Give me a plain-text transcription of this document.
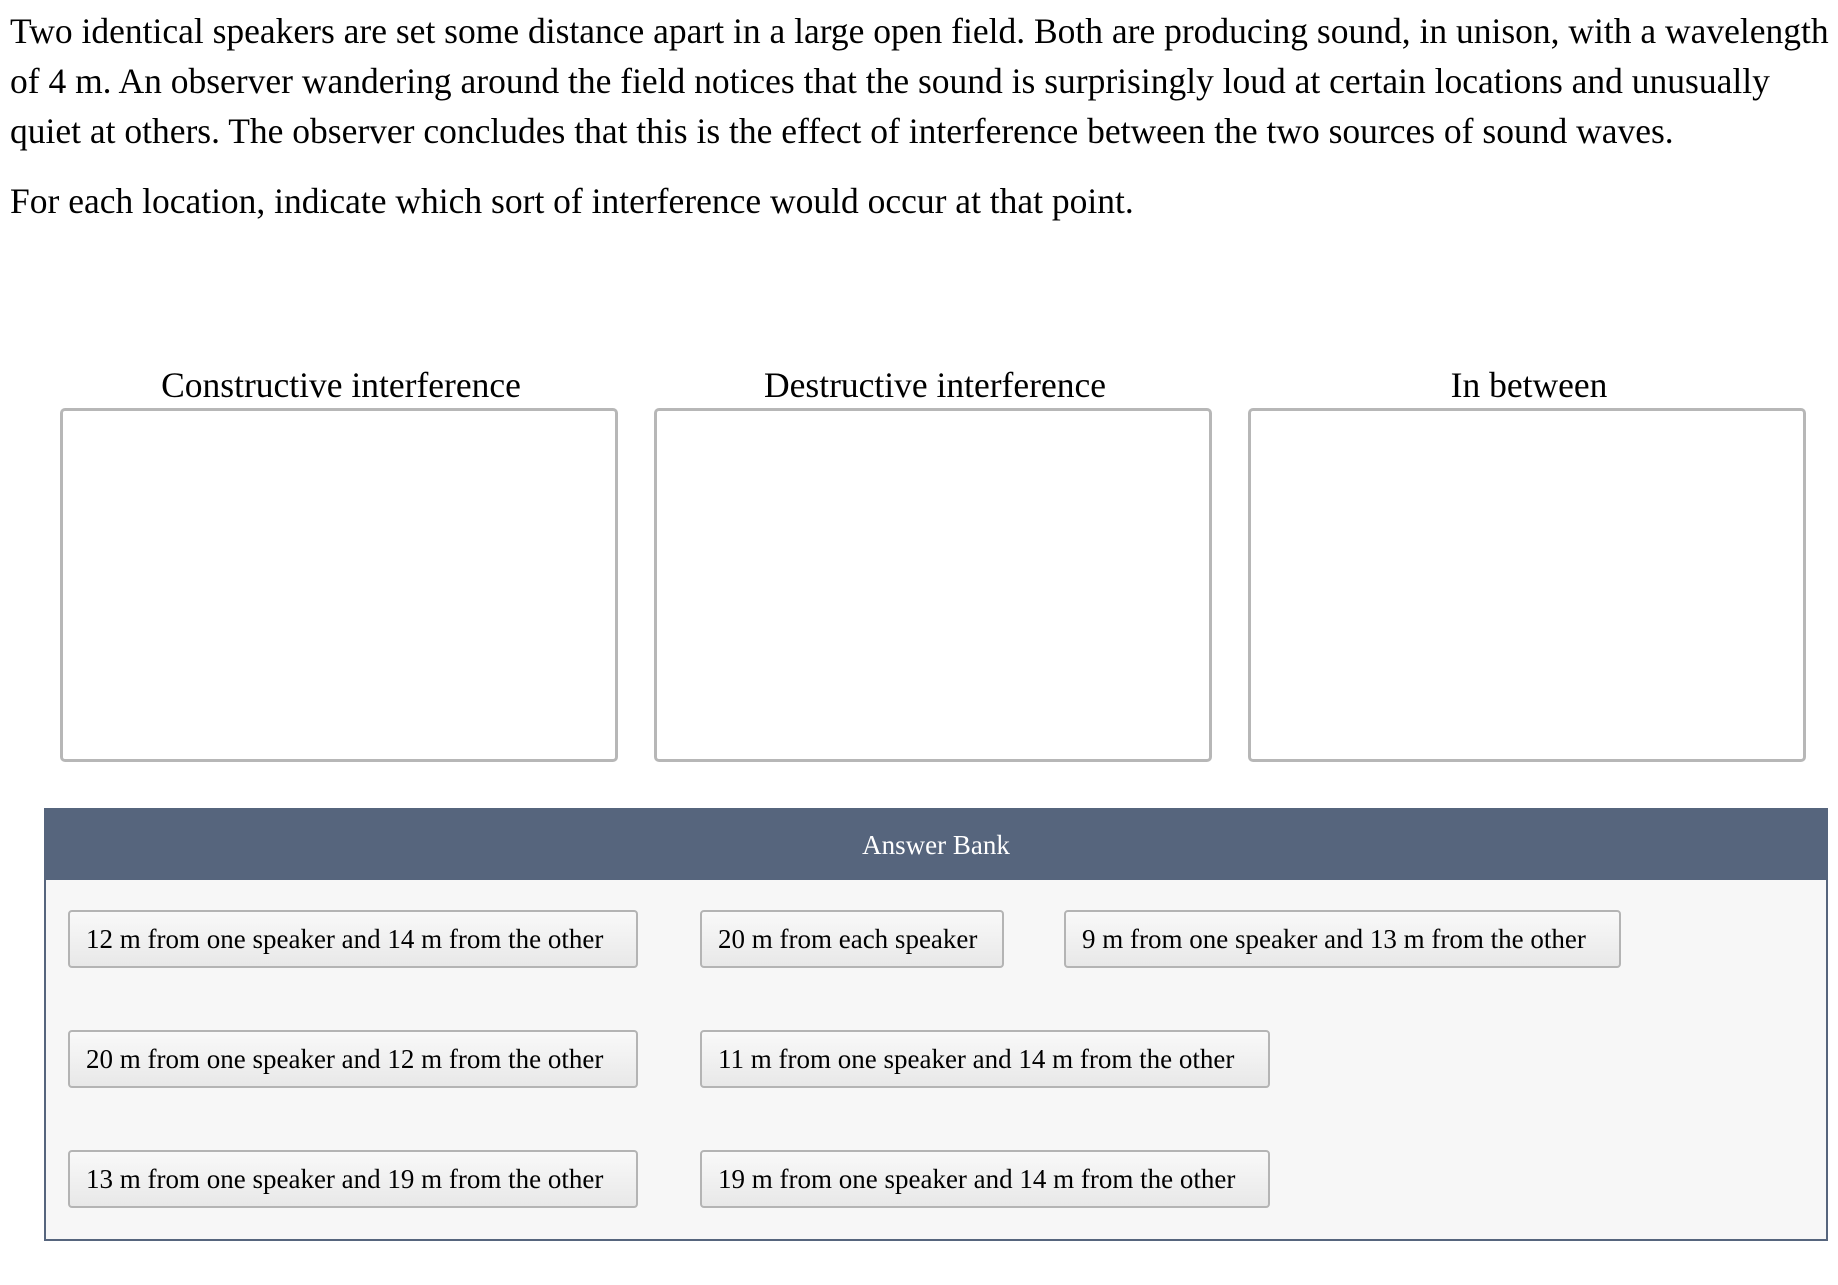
Two identical speakers are set some distance apart in a large open field. Both are producing sound, in unison, with a wavelength
of 4 m. An observer wandering around the field notices that the sound is surprisingly loud at certain locations and unusually
quiet at others. The observer concludes that this is the effect of interference between the two sources of sound waves.

For each location, indicate which sort of interference would occur at that point.

Constructive interference	Destructive interference	In between
Answer Bank
12 m from one speaker and 14 m from the other	20 m from each speaker	9 m from one speaker and 13 m from the other
20 m from one speaker and 12 m from the other	11 m from one speaker and 14 m from the other
13 m from one speaker and 19 m from the other	19 m from one speaker and 14 m from the other
